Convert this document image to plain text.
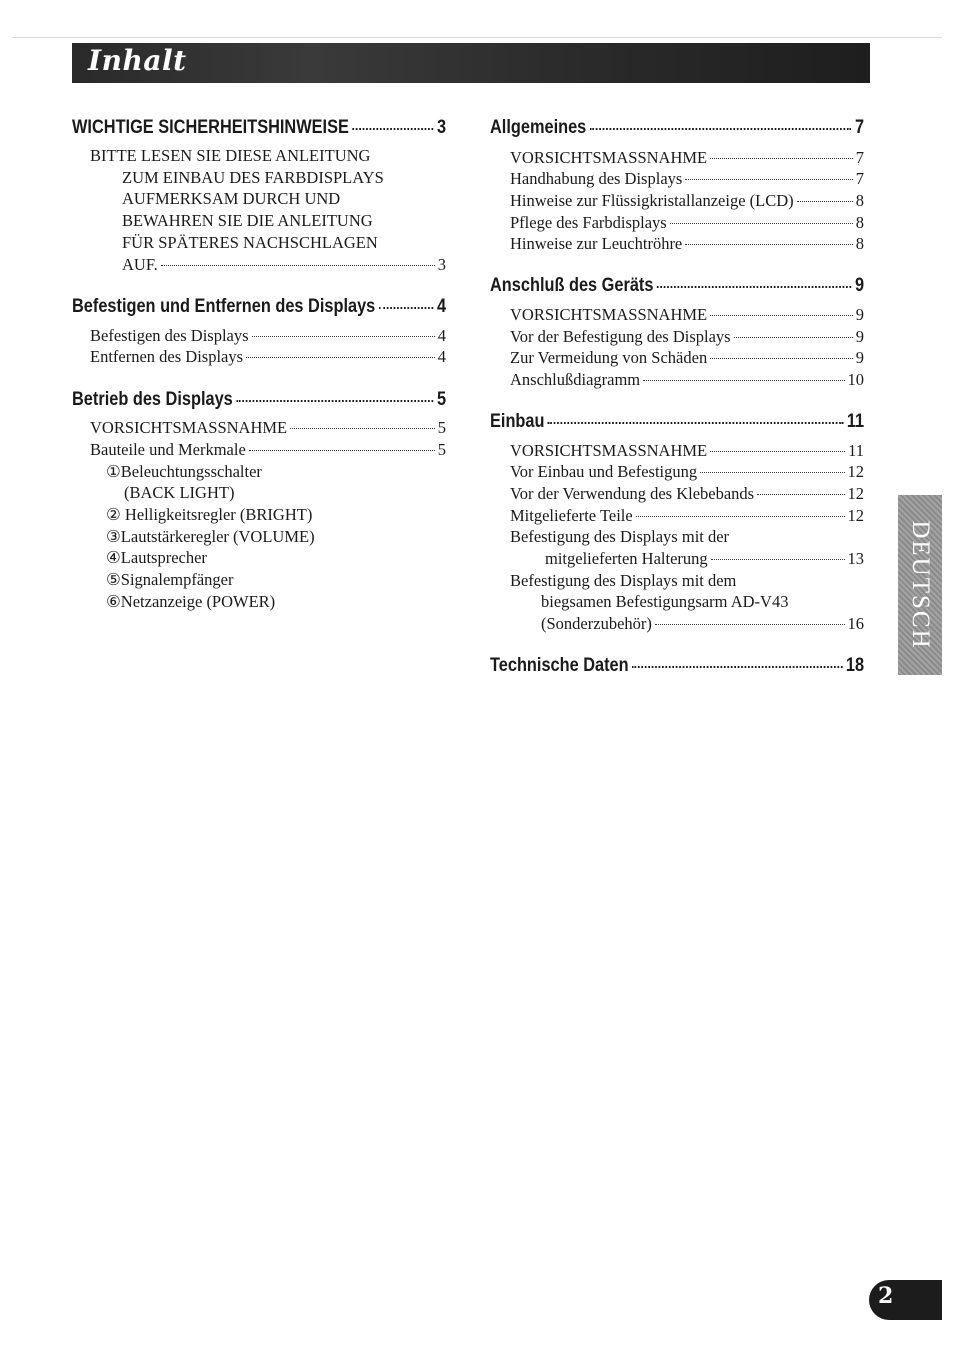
Inhalt
WICHTIGE SICHERHEITSHINWEISE	3
BITTE LESEN SIE DIESE ANLEITUNG
ZUM EINBAU DES FARBDISPLAYS
AUFMERKSAM DURCH UND
BEWAHREN SIE DIE ANLEITUNG
FÜR SPÄTERES NACHSCHLAGEN
AUF.	3
Befestigen und Entfernen des Displays	4
Befestigen des Displays	4
Entfernen des Displays	4
Betrieb des Displays	5
VORSICHTSMASSNAHME	5
Bauteile und Merkmale	5
①Beleuchtungsschalter
(BACK LIGHT)
② Helligkeitsregler (BRIGHT)
③Lautstärkeregler (VOLUME)
④Lautsprecher
⑤Signalempfänger
⑥Netzanzeige (POWER)
Allgemeines	7
VORSICHTSMASSNAHME	7
Handhabung des Displays	7
Hinweise zur Flüssigkristallanzeige (LCD)	8
Pflege des Farbdisplays	8
Hinweise zur Leuchtröhre	8
Anschluß des Geräts	9
VORSICHTSMASSNAHME	9
Vor der Befestigung des Displays	9
Zur Vermeidung von Schäden	9
Anschlußdiagramm	10
Einbau	11
VORSICHTSMASSNAHME	11
Vor Einbau und Befestigung	12
Vor der Verwendung des Klebebands	12
Mitgelieferte Teile	12
Befestigung des Displays mit der
mitgelieferten Halterung	13
Befestigung des Displays mit dem
biegsamen Befestigungsarm AD-V43
(Sonderzubehör)	16
Technische Daten	18
DEUTSCH
2
